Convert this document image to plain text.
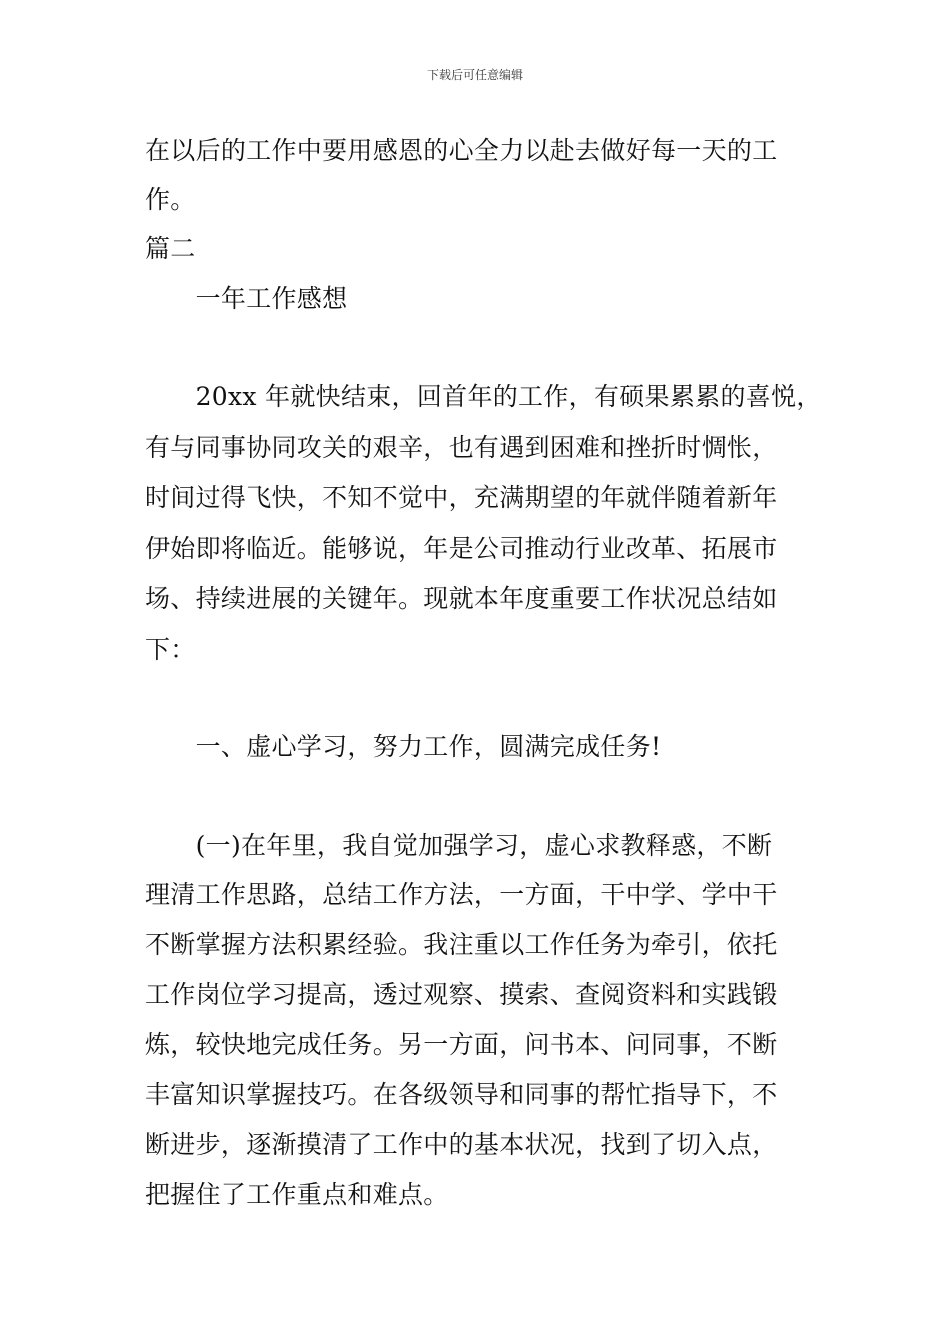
下载后可任意编辑
在以后的工作中要用感恩的心全力以赴去做好每一天的工
作。
篇二
　　一年工作感想
　　20xx 年就快结束，回首年的工作，有硕果累累的喜悦，
有与同事协同攻关的艰辛，也有遇到困难和挫折时惆怅，
时间过得飞快，不知不觉中，充满期望的年就伴随着新年
伊始即将临近。能够说，年是公司推动行业改革、拓展市
场、持续进展的关键年。现就本年度重要工作状况总结如
下：
　　一、虚心学习，努力工作，圆满完成任务!
　　(一)在年里，我自觉加强学习，虚心求教释惑，不断
理清工作思路，总结工作方法，一方面，干中学、学中干
不断掌握方法积累经验。我注重以工作任务为牵引，依托
工作岗位学习提高，透过观察、摸索、查阅资料和实践锻
炼，较快地完成任务。另一方面，问书本、问同事，不断
丰富知识掌握技巧。在各级领导和同事的帮忙指导下，不
断进步，逐渐摸清了工作中的基本状况，找到了切入点，
把握住了工作重点和难点。
